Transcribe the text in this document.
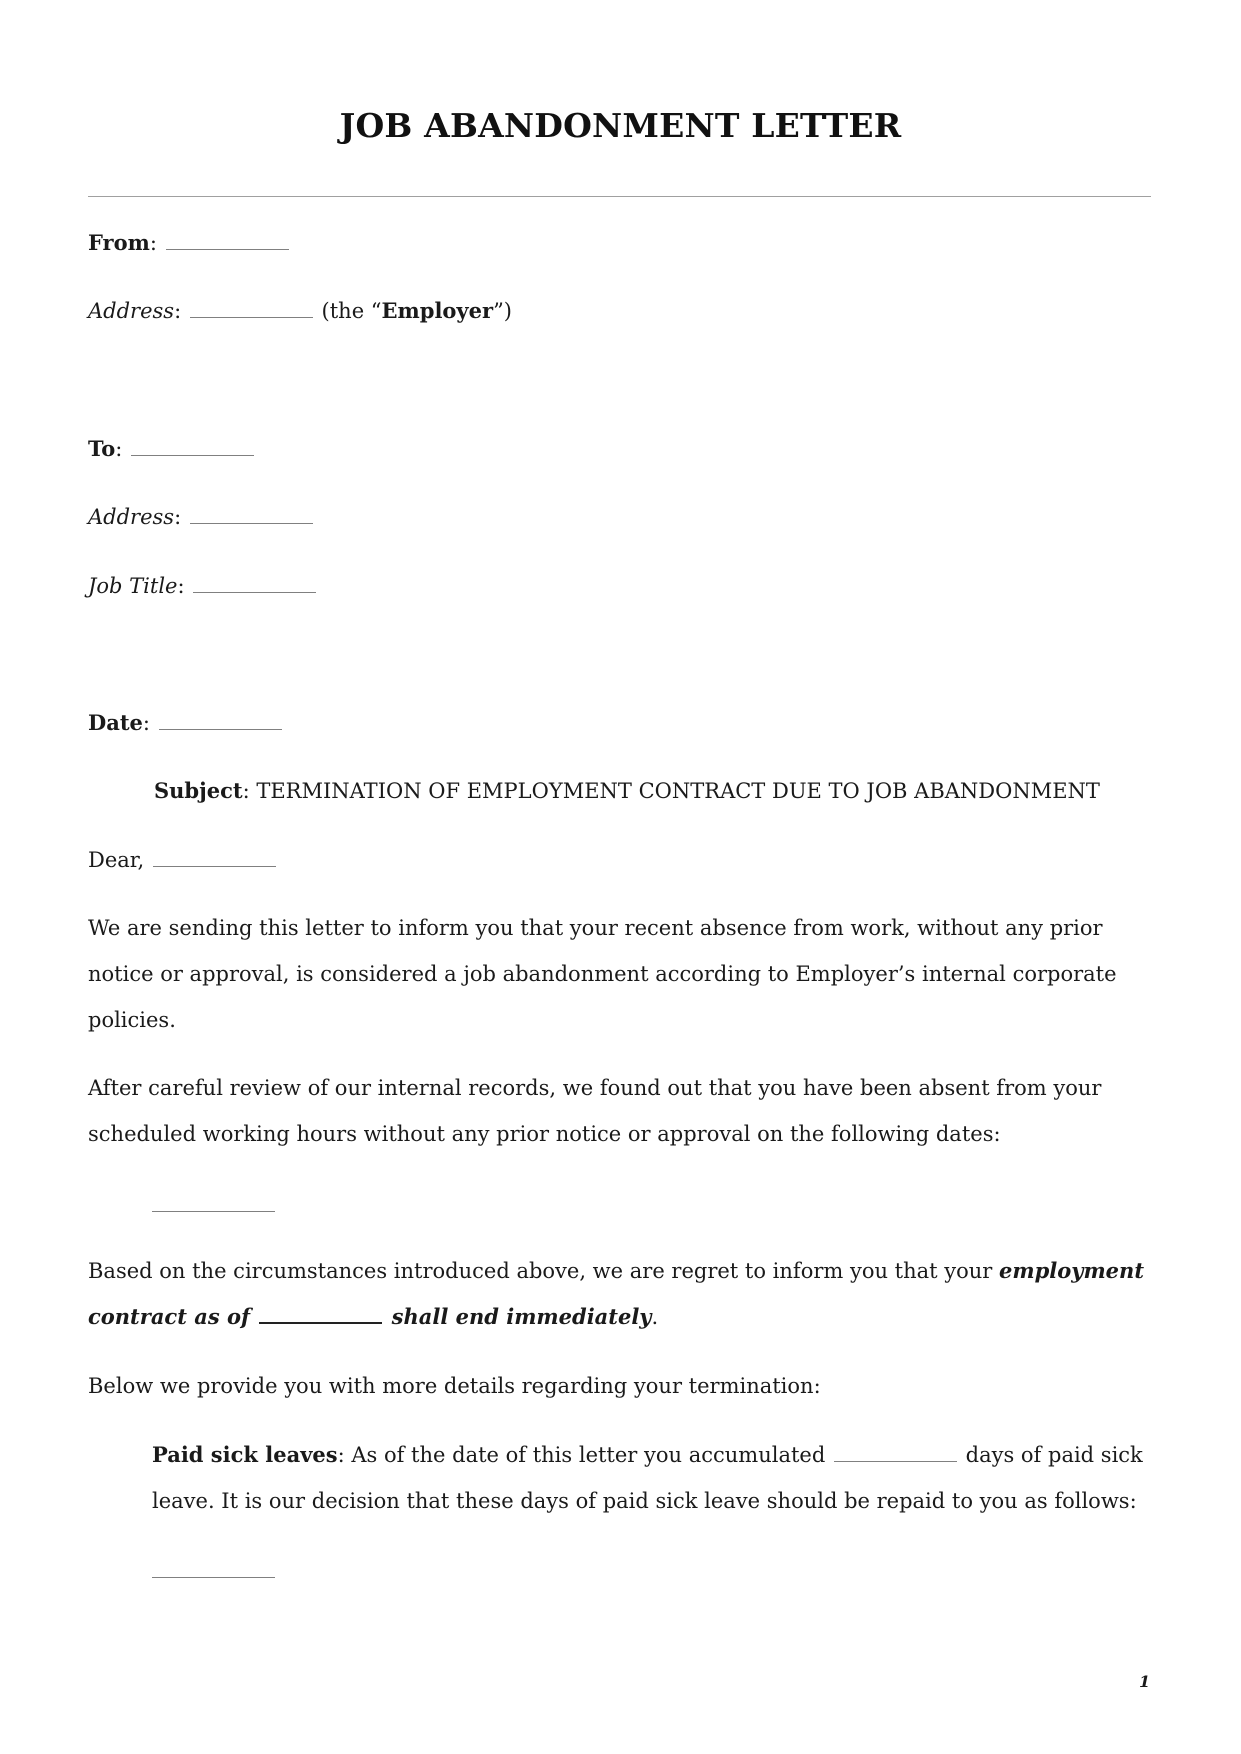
JOB ABANDONMENT LETTER
From:
Address:	(the “Employer”)
To:
Address:
Job Title:
Date:
Subject: TERMINATION OF EMPLOYMENT CONTRACT DUE TO JOB ABANDONMENT
Dear,
We are sending this letter to inform you that your recent absence from work, without any prior notice or approval, is considered a job abandonment according to Employer’s internal corporate policies.
After careful review of our internal records, we found out that you have been absent from your scheduled working hours without any prior notice or approval on the following dates:
Based on the circumstances introduced above, we are regret to inform you that your employment contract as of	shall end immediately.
Below we provide you with more details regarding your termination:
Paid sick leaves: As of the date of this letter you accumulated	days of paid sick leave. It is our decision that these days of paid sick leave should be repaid to you as follows:
1
